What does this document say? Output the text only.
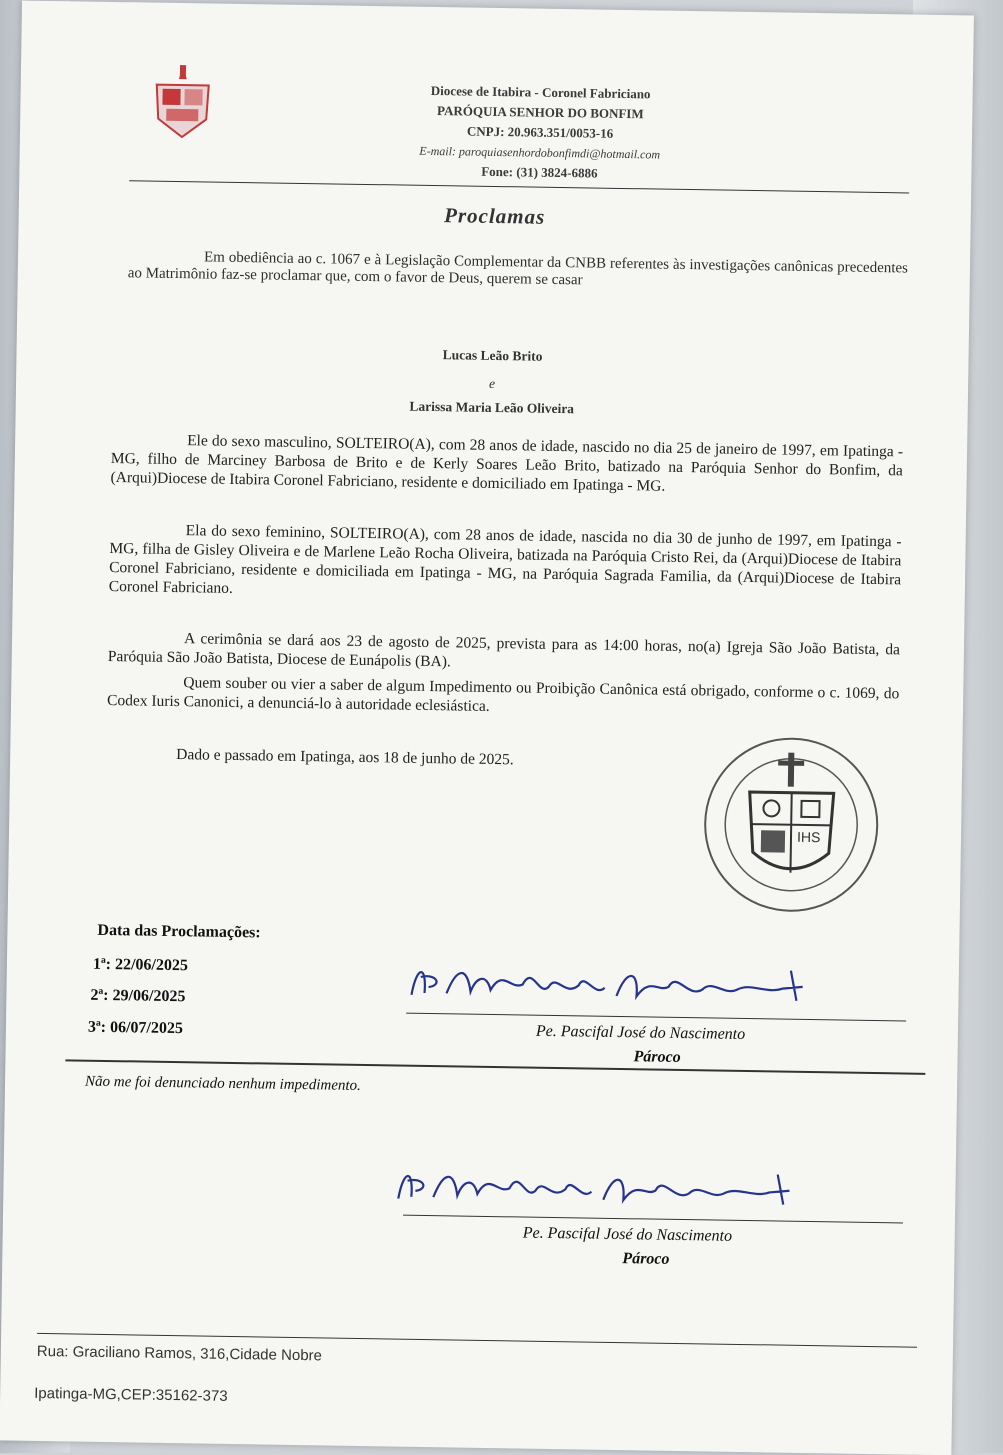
Diocese de Itabira - Coronel Fabriciano
PARÓQUIA SENHOR DO BONFIM
CNPJ: 20.963.351/0053-16
E-mail: paroquiasenhordobonfimdi@hotmail.com
Fone: (31) 3824-6886
Proclamas
Em obediência ao c. 1067 e à Legislação Complementar da CNBB referentes às investigações canônicas precedentes ao Matrimônio faz-se proclamar que, com o favor de Deus, querem se casar
Lucas Leão Brito
e
Larissa Maria Leão Oliveira
Ele do sexo masculino, SOLTEIRO(A), com 28 anos de idade, nascido no dia 25 de janeiro de 1997, em Ipatinga - MG, filho de Marciney Barbosa de Brito e de Kerly Soares Leão Brito, batizado na Paróquia Senhor do Bonfim, da (Arqui)Diocese de Itabira Coronel Fabriciano, residente e domiciliado em Ipatinga - MG.
Ela do sexo feminino, SOLTEIRO(A), com 28 anos de idade, nascida no dia 30 de junho de 1997, em Ipatinga - MG, filha de Gisley Oliveira e de Marlene Leão Rocha Oliveira, batizada na Paróquia Cristo Rei, da (Arqui)Diocese de Itabira Coronel Fabriciano, residente e domiciliada em Ipatinga - MG, na Paróquia Sagrada Familia, da (Arqui)Diocese de Itabira Coronel Fabriciano.
A cerimônia se dará aos 23 de agosto de 2025, prevista para as 14:00 horas, no(a) Igreja São João Batista, da Paróquia São João Batista, Diocese de Eunápolis (BA).
Quem souber ou vier a saber de algum Impedimento ou Proibição Canônica está obrigado, conforme o c. 1069, do Codex Iuris Canonici, a denunciá-lo à autoridade eclesiástica.
Dado e passado em Ipatinga, aos 18 de junho de 2025.
IHS
Data das Proclamações:
1ª: 22/06/2025
2ª: 29/06/2025
3ª: 06/07/2025	Pe. Pascifal José do Nascimento
Pároco
Não me foi denunciado nenhum impedimento.
Pe. Pascifal José do Nascimento
Pároco
Rua: Graciliano Ramos, 316,Cidade Nobre
Ipatinga-MG,CEP:35162-373
